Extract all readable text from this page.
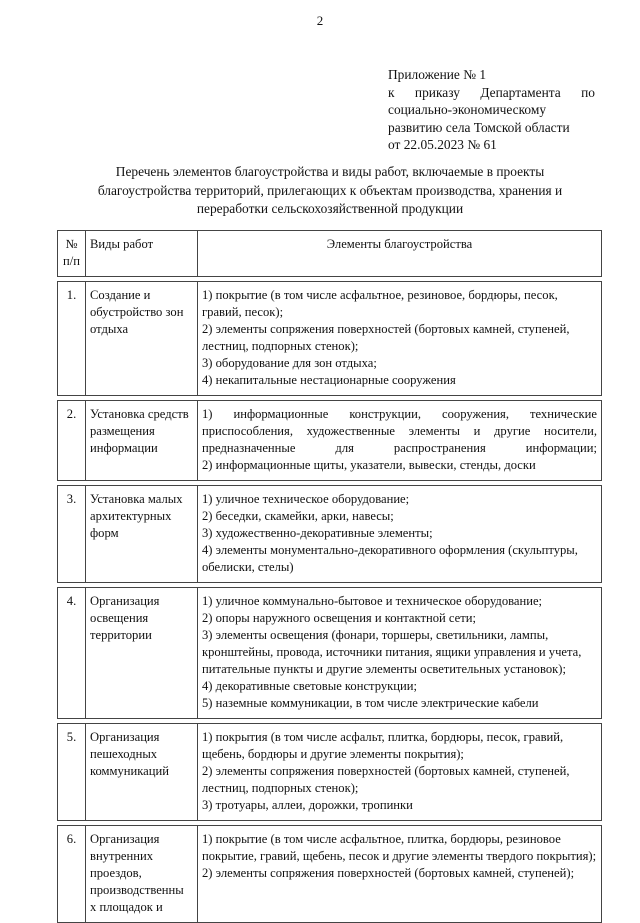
2
Приложение № 1
к приказу Департамента по
социально-экономическому
развитию села Томской области
от 22.05.2023 № 61
Перечень элементов благоустройства и виды работ, включаемые в проекты
благоустройства территорий, прилегающих к объектам производства, хранения и
переработки сельскохозяйственной продукции
№
п/п	Виды работ	Элементы благоустройства

1.	Создание и обустройство зон отдыха	1) покрытие (в том числе асфальтное, резиновое, бордюры, песок, гравий, песок);
2) элементы сопряжения поверхностей (бортовых камней, ступеней, лестниц, подпорных стенок);
3) оборудование для зон отдыха;
4) некапитальные нестационарные сооружения

2.	Установка средств размещения информации	1) информационные конструкции, сооружения, технические приспособления, художественные элементы и другие носители, предназначенные для распространения информации;
2) информационные щиты, указатели, вывески, стенды, доски

3.	Установка малых архитектурных форм	1) уличное техническое оборудование;
2) беседки, скамейки, арки, навесы;
3) художественно-декоративные элементы;
4) элементы монументально-декоративного оформления (скульптуры, обелиски, стелы)

4.	Организация освещения территории	1) уличное коммунально-бытовое и техническое оборудование;
2) опоры наружного освещения и контактной сети;
3) элементы освещения (фонари, торшеры, светильники, лампы, кронштейны, провода, источники питания, ящики управления и учета, питательные пункты и другие элементы осветительных установок);
4) декоративные световые конструкции;
5) наземные коммуникации, в том числе электрические кабели

5.	Организация пешеходных коммуникаций	1) покрытия (в том числе асфальт, плитка, бордюры, песок, гравий, щебень, бордюры и другие элементы покрытия);
2) элементы сопряжения поверхностей (бортовых камней, ступеней, лестниц, подпорных стенок);
3) тротуары, аллеи, дорожки, тропинки

6.	Организация внутренних проездов, производственны х площадок и	1) покрытие (в том числе асфальтное, плитка, бордюры, резиновое покрытие, гравий, щебень, песок и другие элементы твердого покрытия);
2) элементы сопряжения поверхностей (бортовых камней, ступеней);
